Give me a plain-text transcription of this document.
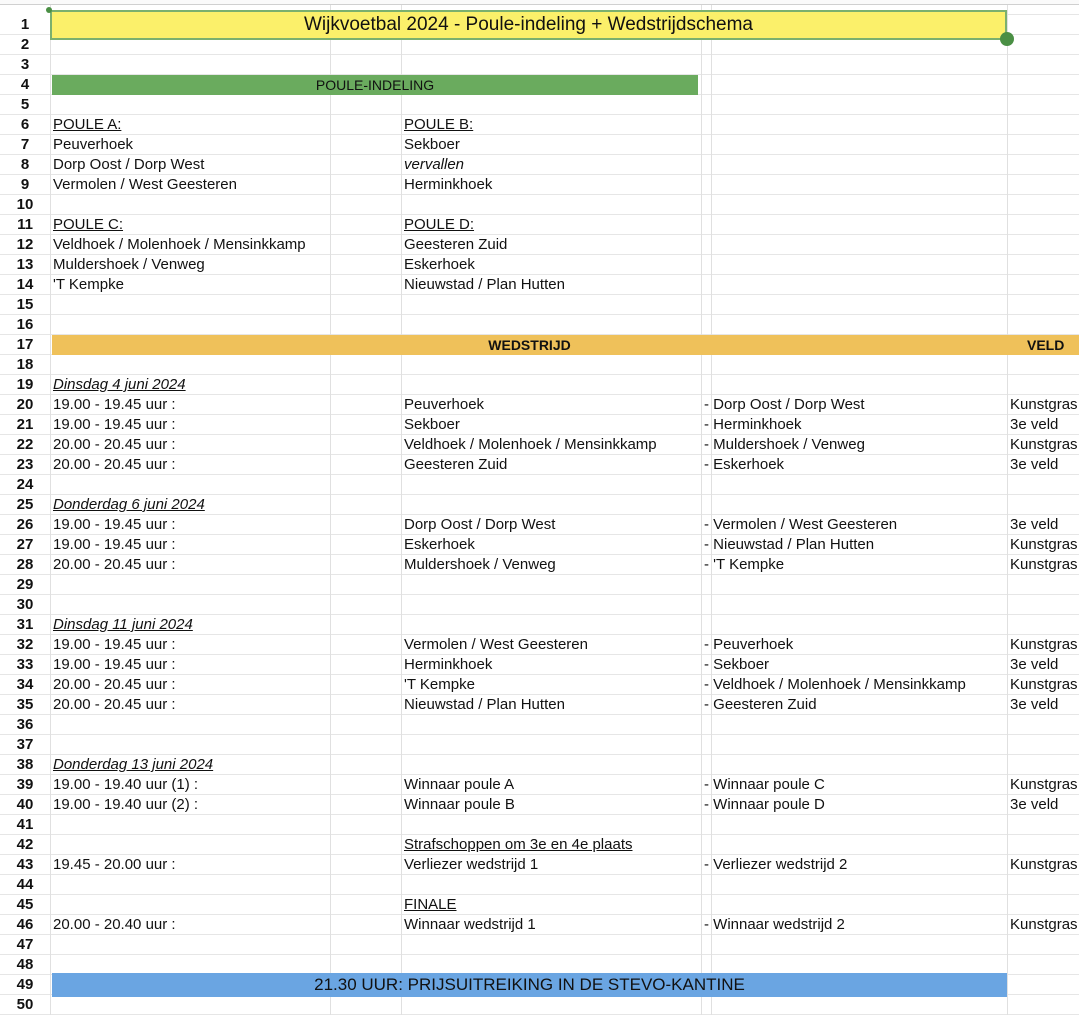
Wijkvoetbal 2024 - Poule-indeling + Wedstrijdschema
POULE-INDELING
POULE A:
Peuverhoek
Dorp Oost / Dorp West
Vermolen / West Geesteren
POULE B:
Sekboer
vervallen
Herminkhoek
POULE C:
Veldhoek / Molenhoek / Mensinkkamp
Muldershoek / Venweg
'T Kempke
POULE D:
Geesteren Zuid
Eskerhoek
Nieuwstad / Plan Hutten
WEDSTRIJD	VELD
21.30 UUR: PRIJSUITREIKING IN DE STEVO-KANTINE
Dinsdag 4 juni 2024
19.00 - 19.45 uur :	Peuverhoek	- Dorp Oost / Dorp West	Kunstgras
19.00 - 19.45 uur :	Sekboer	- Herminkhoek	3e veld
20.00 - 20.45 uur :	Veldhoek / Molenhoek / Mensinkkamp	- Muldershoek / Venweg	Kunstgras
20.00 - 20.45 uur :	Geesteren Zuid	- Eskerhoek	3e veld
Donderdag 6 juni 2024
19.00 - 19.45 uur :	Dorp Oost / Dorp West	- Vermolen / West Geesteren	3e veld
19.00 - 19.45 uur :	Eskerhoek	- Nieuwstad / Plan Hutten	Kunstgras
20.00 - 20.45 uur :	Muldershoek / Venweg	- 'T Kempke	Kunstgras
Dinsdag 11 juni 2024
19.00 - 19.45 uur :	Vermolen / West Geesteren	- Peuverhoek	Kunstgras
19.00 - 19.45 uur :	Herminkhoek	- Sekboer	3e veld
20.00 - 20.45 uur :	'T Kempke	- Veldhoek / Molenhoek / Mensinkkamp	Kunstgras
20.00 - 20.45 uur :	Nieuwstad / Plan Hutten	- Geesteren Zuid	3e veld
Donderdag 13 juni 2024
19.00 - 19.40 uur (1) :	Winnaar poule A	- Winnaar poule C	Kunstgras
19.00 - 19.40 uur (2) :	Winnaar poule B	- Winnaar poule D	3e veld
Strafschoppen om 3e en 4e plaats
19.45 - 20.00 uur :	Verliezer wedstrijd 1	- Verliezer wedstrijd 2	Kunstgras
FINALE
20.00 - 20.40 uur :	Winnaar wedstrijd 1	- Winnaar wedstrijd 2	Kunstgras
1
2
3
4
5
6
7
8
9
10
11
12
13
14
15
16
17
18
19
20
21
22
23
24
25
26
27
28
29
30
31
32
33
34
35
36
37
38
39
40
41
42
43
44
45
46
47
48
49
50
